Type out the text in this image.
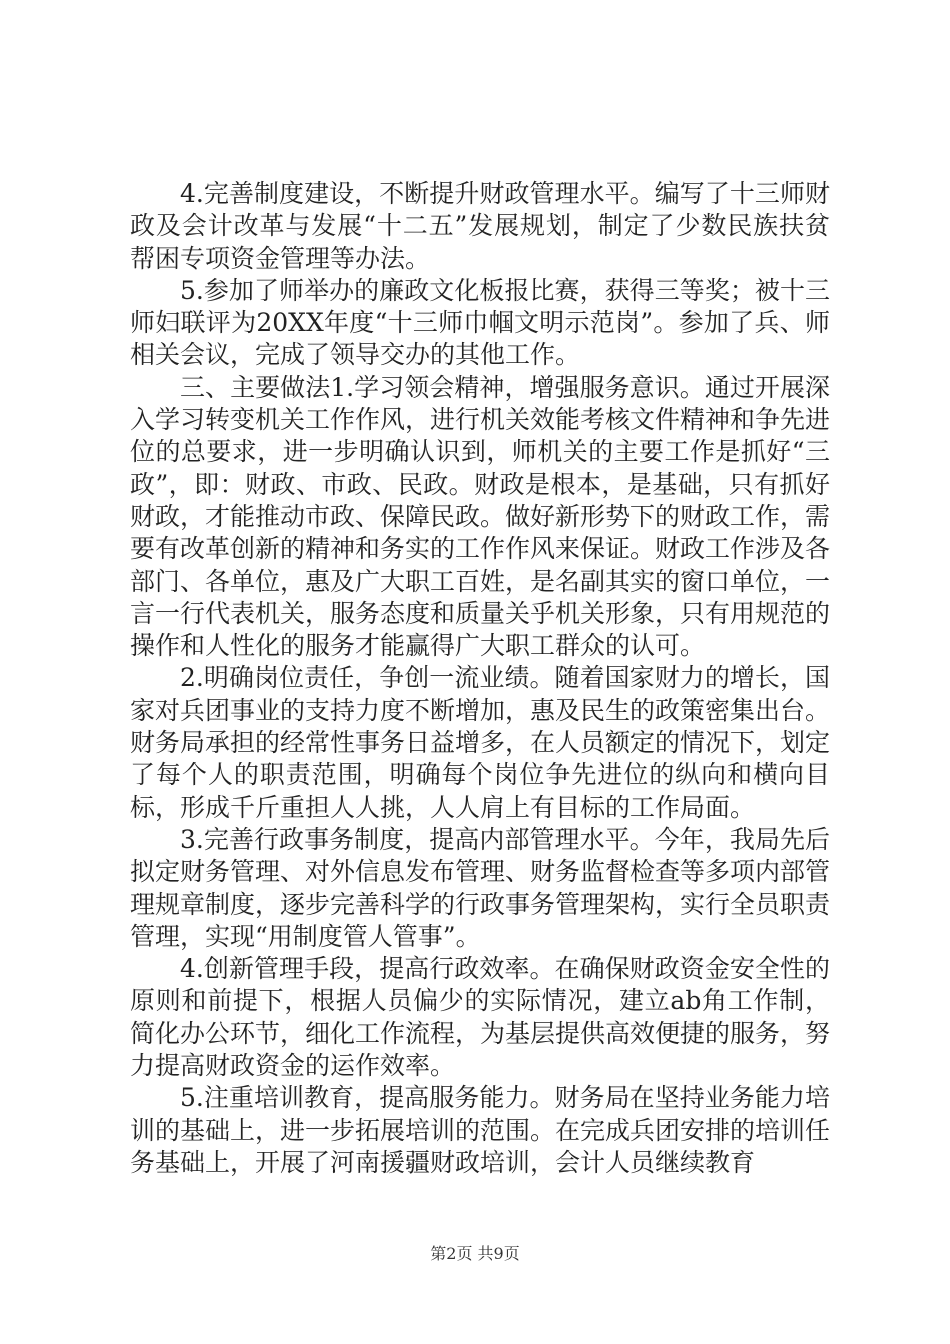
4.完善制度建设，不断提升财政管理水平。编写了十三师财政及会计改革与发展“十二五”发展规划，制定了少数民族扶贫帮困专项资金管理等办法。

5.参加了师举办的廉政文化板报比赛，获得三等奖；被十三师妇联评为20XX年度“十三师巾帼文明示范岗”。参加了兵、师相关会议，完成了领导交办的其他工作。

三、主要做法1.学习领会精神，增强服务意识。通过开展深入学习转变机关工作作风，进行机关效能考核文件精神和争先进位的总要求，进一步明确认识到，师机关的主要工作是抓好“三政”，即：财政、市政、民政。财政是根本，是基础，只有抓好财政，才能推动市政、保障民政。做好新形势下的财政工作，需要有改革创新的精神和务实的工作作风来保证。财政工作涉及各部门、各单位，惠及广大职工百姓，是名副其实的窗口单位，一言一行代表机关，服务态度和质量关乎机关形象，只有用规范的操作和人性化的服务才能赢得广大职工群众的认可。

2.明确岗位责任，争创一流业绩。随着国家财力的增长，国家对兵团事业的支持力度不断增加，惠及民生的政策密集出台。财务局承担的经常性事务日益增多，在人员额定的情况下，划定了每个人的职责范围，明确每个岗位争先进位的纵向和横向目标，形成千斤重担人人挑，人人肩上有目标的工作局面。

3.完善行政事务制度，提高内部管理水平。今年，我局先后拟定财务管理、对外信息发布管理、财务监督检查等多项内部管理规章制度，逐步完善科学的行政事务管理架构，实行全员职责管理，实现“用制度管人管事”。

4.创新管理手段，提高行政效率。在确保财政资金安全性的原则和前提下，根据人员偏少的实际情况，建立ab角工作制，简化办公环节，细化工作流程，为基层提供高效便捷的服务，努力提高财政资金的运作效率。

5.注重培训教育，提高服务能力。财务局在坚持业务能力培训的基础上，进一步拓展培训的范围。在完成兵团安排的培训任务基础上，开展了河南援疆财政培训，会计人员继续教育

第2页 共9页
